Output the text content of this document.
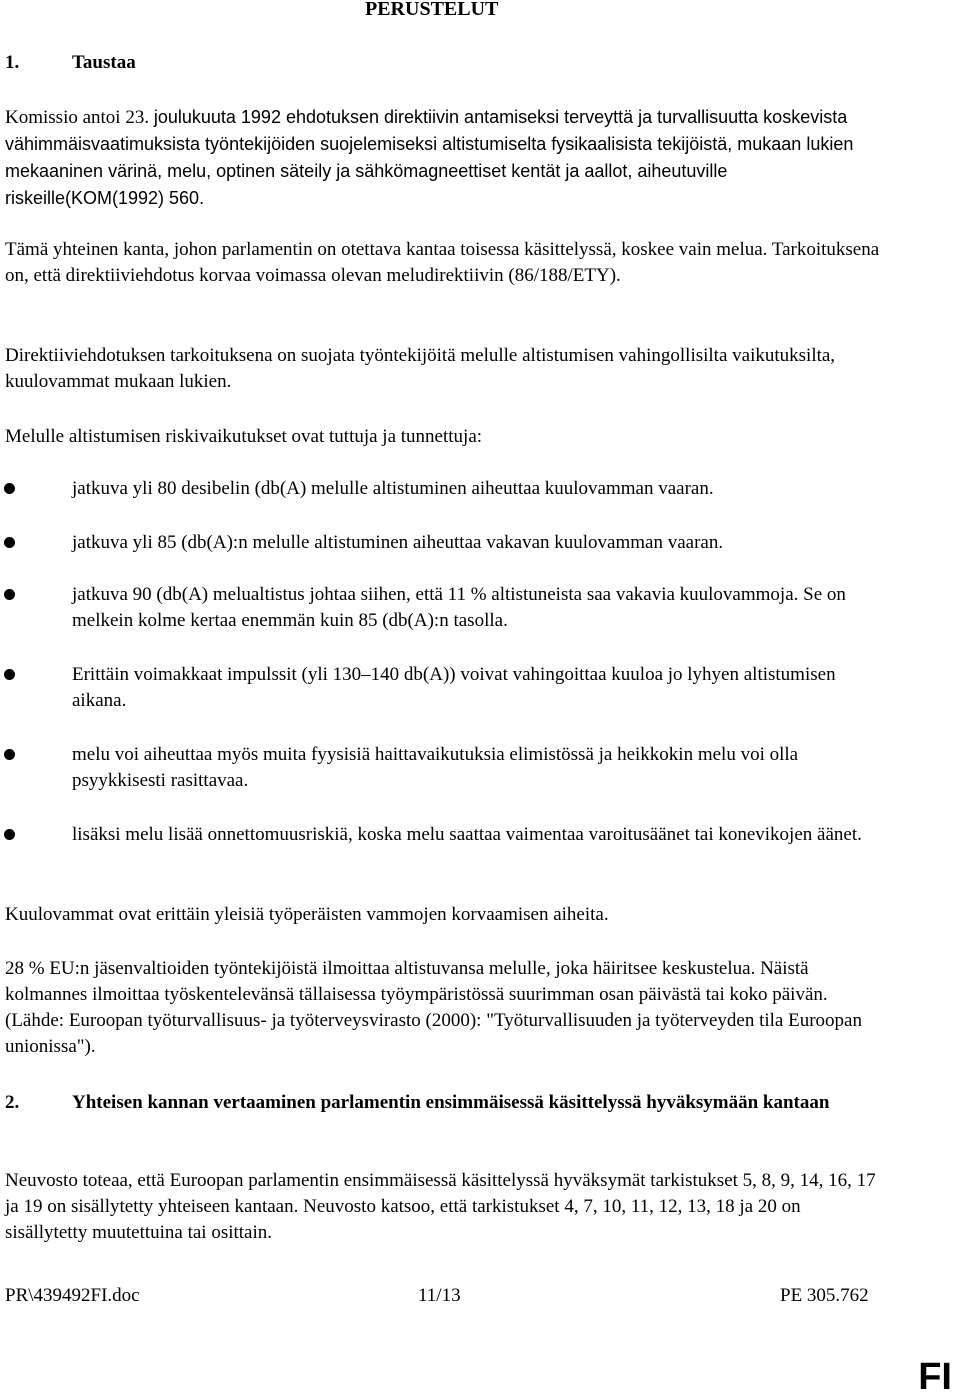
PERUSTELUT
1.	Taustaa

Komissio antoi 23. joulukuuta 1992 ehdotuksen direktiivin antamiseksi terveyttä ja turvallisuutta koskevista vähimmäisvaatimuksista työntekijöiden suojelemiseksi altistumiselta fysikaalisista tekijöistä, mukaan lukien mekaaninen värinä, melu, optinen säteily ja sähkömagneettiset kentät ja aallot, aiheutuville riskeille(KOM(1992) 560.

Tämä yhteinen kanta, johon parlamentin on otettava kantaa toisessa käsittelyssä, koskee vain melua. Tarkoituksena on, että direktiiviehdotus korvaa voimassa olevan meludirektiivin (86/188/ETY).

Direktiiviehdotuksen tarkoituksena on suojata työntekijöitä melulle altistumisen vahingollisilta vaikutuksilta, kuulovammat mukaan lukien.

Melulle altistumisen riskivaikutukset ovat tuttuja ja tunnettuja:

jatkuva yli 80 desibelin (db(A) melulle altistuminen aiheuttaa kuulovamman vaaran.

jatkuva yli 85 (db(A):n melulle altistuminen aiheuttaa vakavan kuulovamman vaaran.

jatkuva 90 (db(A) melualtistus johtaa siihen, että 11 % altistuneista saa vakavia kuulovammoja. Se on melkein kolme kertaa enemmän kuin 85 (db(A):n tasolla.

Erittäin voimakkaat impulssit (yli 130–140 db(A)) voivat vahingoittaa kuuloa jo lyhyen altistumisen aikana.

melu voi aiheuttaa myös muita fyysisiä haittavaikutuksia elimistössä ja heikkokin melu voi olla psyykkisesti rasittavaa.

lisäksi melu lisää onnettomuusriskiä, koska melu saattaa vaimentaa varoitusäänet tai konevikojen äänet.

Kuulovammat ovat erittäin yleisiä työperäisten vammojen korvaamisen aiheita.

28 % EU:n jäsenvaltioiden työntekijöistä ilmoittaa altistuvansa melulle, joka häiritsee keskustelua. Näistä kolmannes ilmoittaa työskentelevänsä tällaisessa työympäristössä suurimman osan päivästä tai koko päivän. (Lähde: Euroopan työturvallisuus- ja työterveysvirasto (2000): "Työturvallisuuden ja työterveyden tila Euroopan unionissa").

2.	Yhteisen kannan vertaaminen parlamentin ensimmäisessä käsittelyssä hyväksymään kantaan

Neuvosto toteaa, että Euroopan parlamentin ensimmäisessä käsittelyssä hyväksymät tarkistukset 5, 8, 9, 14, 16, 17 ja 19 on sisällytetty yhteiseen kantaan. Neuvosto katsoo, että tarkistukset 4, 7, 10, 11, 12, 13, 18 ja 20 on sisällytetty muutettuina tai osittain.

PR\439492FI.doc	11/13	PE 305.762
FI
